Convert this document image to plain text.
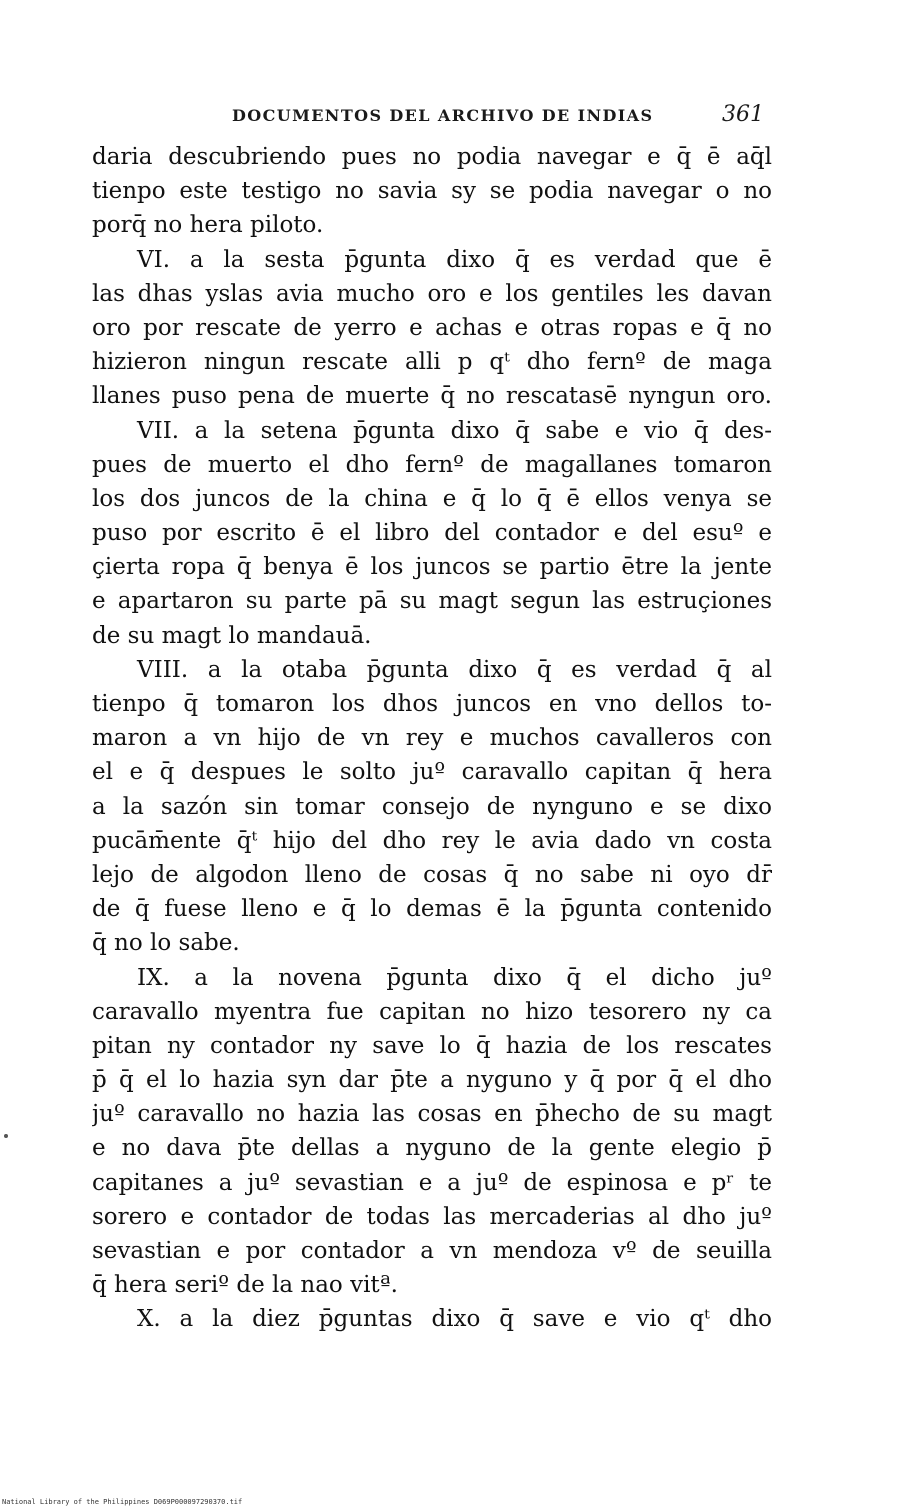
DOCUMENTOS DEL ARCHIVO DE INDIAS	361
daria descubriendo pues no podia navegar e q̄ ē aq̄l
tienpo este testigo no savia sy se podia navegar o no
porq̄ no hera piloto.
VI. a la sesta p̄gunta dixo q̄ es verdad que ē
las dhas yslas avia mucho oro e los gentiles les davan
oro por rescate de yerro e achas e otras ropas e q̄ no
hizieron ningun rescate alli p qᵗ dho fernº de maga
llanes puso pena de muerte q̄ no rescatasē nyngun oro.
VII. a la setena p̄gunta dixo q̄ sabe e vio q̄ des-
pues de muerto el dho fernº de magallanes tomaron
los dos juncos de la china e q̄ lo q̄ ē ellos venya se
puso por escrito ē el libro del contador e del esuº e
çierta ropa q̄ benya ē los juncos se partio ētre la jente
e apartaron su parte pā su magt segun las estruçiones
de su magt lo mandauā.
VIII. a la otaba p̄gunta dixo q̄ es verdad q̄ al
tienpo q̄ tomaron los dhos juncos en vno dellos to-
maron a vn hijo de vn rey e muchos cavalleros con
el e q̄ despues le solto juº caravallo capitan q̄ hera
a la sazón sin tomar consejo de nynguno e se dixo
pucām̄ente q̄ᵗ hijo del dho rey le avia dado vn costa
lejo de algodon lleno de cosas q̄ no sabe ni oyo dr̄
de q̄ fuese lleno e q̄ lo demas ē la p̄gunta contenido
q̄ no lo sabe.
IX. a la novena p̄gunta dixo q̄ el dicho juº
caravallo myentra fue capitan no hizo tesorero ny ca
pitan ny contador ny save lo q̄ hazia de los rescates
p̄ q̄ el lo hazia syn dar p̄te a nyguno y q̄ por q̄ el dho
juº caravallo no hazia las cosas en p̄hecho de su magt
e no dava p̄te dellas a nyguno de la gente elegio p̄
capitanes a juº sevastian e a juº de espinosa e pʳ te
sorero e contador de todas las mercaderias al dho juº
sevastian e por contador a vn mendoza vº de seuilla
q̄ hera seriº de la nao vitª.
X. a la diez p̄guntas dixo q̄ save e vio qᵗ dho
National Library of the Philippines D069P000097290370.tif
